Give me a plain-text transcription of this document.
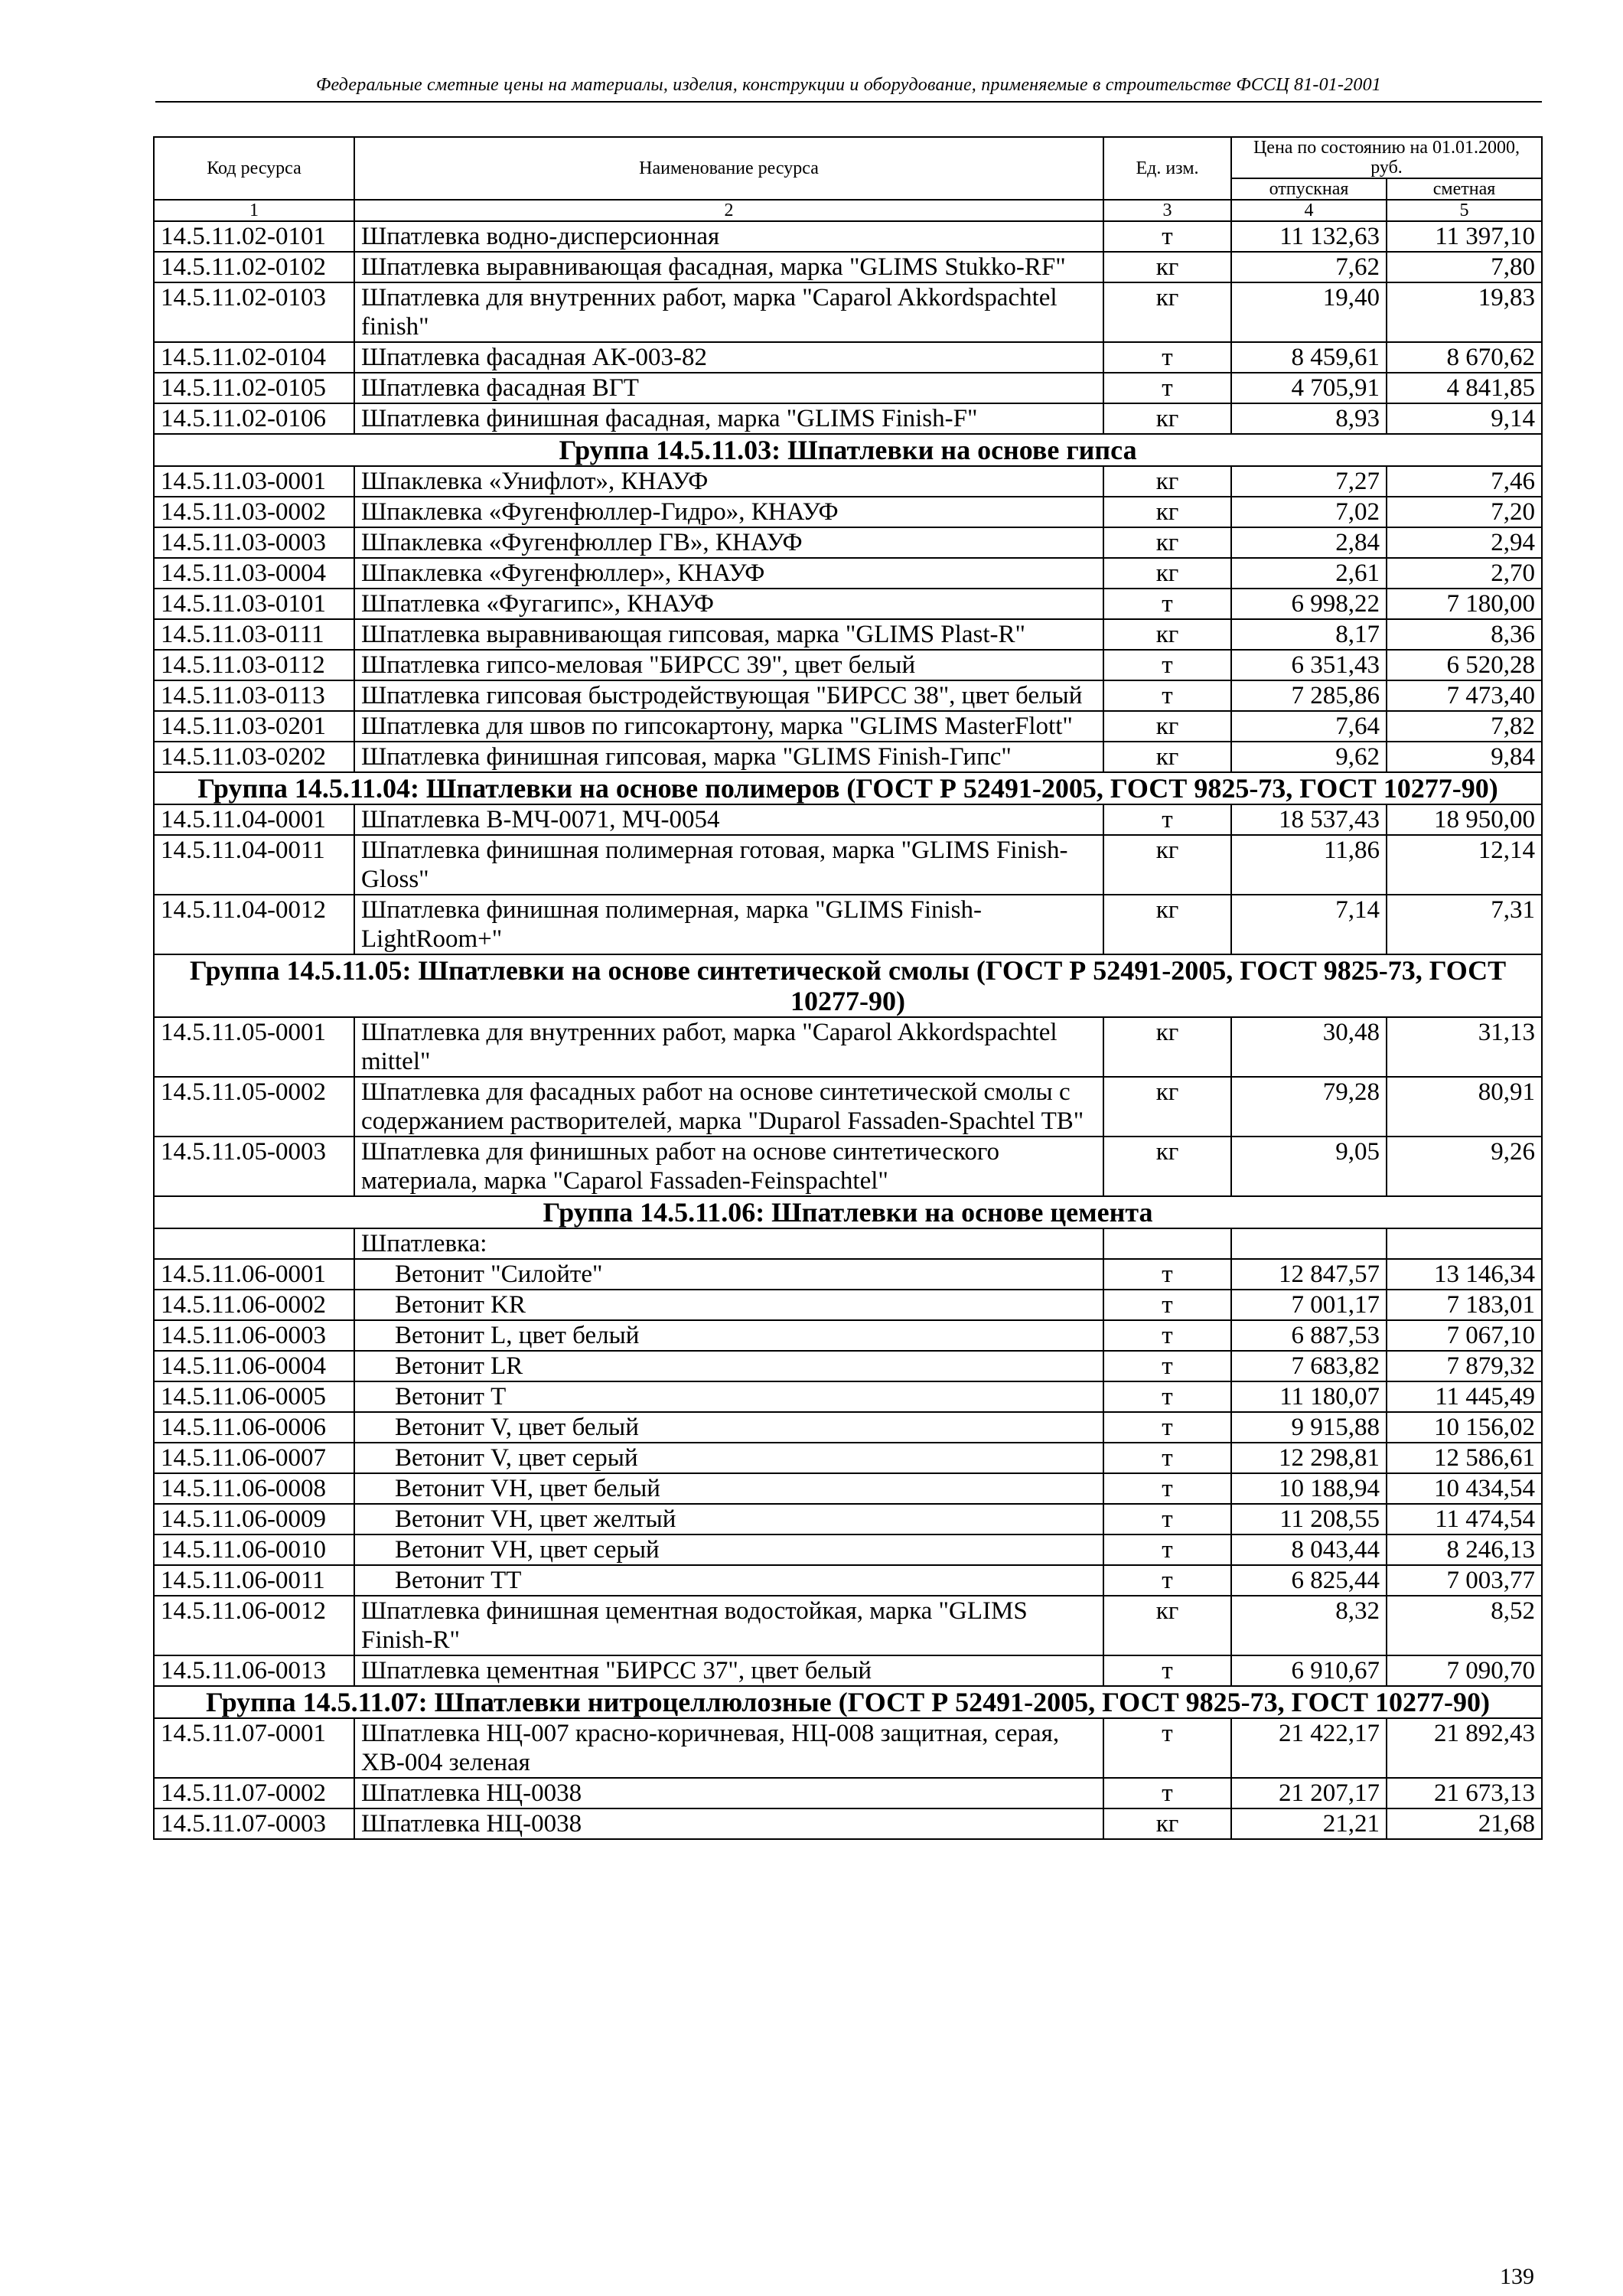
Федеральные сметные цены на материалы, изделия, конструкции и оборудование, применяемые в строительстве ФССЦ 81-01-2001
Код ресурса	Наименование ресурса	Ед. изм.	Цена по состоянию на 01.01.2000, руб.	
			отпускная	сметная
1	2	3	4	5
14.5.11.02-0101	Шпатлевка водно-дисперсионная	т	11 132,63	11 397,10
14.5.11.02-0102	Шпатлевка выравнивающая фасадная, марка "GLIMS Stukko-RF"	кг	7,62	7,80
14.5.11.02-0103	Шпатлевка для внутренних работ, марка "Caparol Akkordspachtel finish"	кг	19,40	19,83
14.5.11.02-0104	Шпатлевка фасадная АК-003-82	т	8 459,61	8 670,62
14.5.11.02-0105	Шпатлевка фасадная ВГТ	т	4 705,91	4 841,85
14.5.11.02-0106	Шпатлевка финишная фасадная, марка "GLIMS Finish-F"	кг	8,93	9,14
Группа 14.5.11.03: Шпатлевки на основе гипса				
14.5.11.03-0001	Шпаклевка «Унифлот», КНАУФ	кг	7,27	7,46
14.5.11.03-0002	Шпаклевка «Фугенфюллер-Гидро», КНАУФ	кг	7,02	7,20
14.5.11.03-0003	Шпаклевка «Фугенфюллер ГВ», КНАУФ	кг	2,84	2,94
14.5.11.03-0004	Шпаклевка «Фугенфюллер», КНАУФ	кг	2,61	2,70
14.5.11.03-0101	Шпатлевка «Фугагипс», КНАУФ	т	6 998,22	7 180,00
14.5.11.03-0111	Шпатлевка выравнивающая гипсовая, марка "GLIMS Plast-R"	кг	8,17	8,36
14.5.11.03-0112	Шпатлевка гипсо-меловая "БИРСС 39", цвет белый	т	6 351,43	6 520,28
14.5.11.03-0113	Шпатлевка гипсовая быстродействующая "БИРСС 38", цвет белый	т	7 285,86	7 473,40
14.5.11.03-0201	Шпатлевка для швов по гипсокартону, марка "GLIMS MasterFlott"	кг	7,64	7,82
14.5.11.03-0202	Шпатлевка финишная гипсовая, марка "GLIMS Finish-Гипс"	кг	9,62	9,84
Группа 14.5.11.04: Шпатлевки на основе полимеров (ГОСТ Р 52491-2005, ГОСТ 9825-73, ГОСТ 10277-90)				
14.5.11.04-0001	Шпатлевка В-МЧ-0071, МЧ-0054	т	18 537,43	18 950,00
14.5.11.04-0011	Шпатлевка финишная полимерная готовая, марка "GLIMS Finish-Gloss"	кг	11,86	12,14
14.5.11.04-0012	Шпатлевка финишная полимерная, марка "GLIMS Finish-LightRoom+"	кг	7,14	7,31
Группа 14.5.11.05: Шпатлевки на основе синтетической смолы (ГОСТ Р 52491-2005, ГОСТ 9825-73, ГОСТ 10277-90)				
14.5.11.05-0001	Шпатлевка для внутренних работ, марка "Caparol Akkordspachtel mittel"	кг	30,48	31,13
14.5.11.05-0002	Шпатлевка для фасадных работ на основе синтетической смолы с содержанием растворителей, марка "Duparol Fassaden-Spachtel TB"	кг	79,28	80,91
14.5.11.05-0003	Шпатлевка для финишных работ на основе синтетического материала, марка "Caparol Fassaden-Feinspachtel"	кг	9,05	9,26
Группа 14.5.11.06: Шпатлевки на основе цемента				
	Шпатлевка:			
14.5.11.06-0001	Ветонит "Силойте"	т	12 847,57	13 146,34
14.5.11.06-0002	Ветонит KR	т	7 001,17	7 183,01
14.5.11.06-0003	Ветонит L, цвет белый	т	6 887,53	7 067,10
14.5.11.06-0004	Ветонит LR	т	7 683,82	7 879,32
14.5.11.06-0005	Ветонит T	т	11 180,07	11 445,49
14.5.11.06-0006	Ветонит V, цвет белый	т	9 915,88	10 156,02
14.5.11.06-0007	Ветонит V, цвет серый	т	12 298,81	12 586,61
14.5.11.06-0008	Ветонит VH, цвет белый	т	10 188,94	10 434,54
14.5.11.06-0009	Ветонит VH, цвет желтый	т	11 208,55	11 474,54
14.5.11.06-0010	Ветонит VH, цвет серый	т	8 043,44	8 246,13
14.5.11.06-0011	Ветонит TT	т	6 825,44	7 003,77
14.5.11.06-0012	Шпатлевка финишная цементная водостойкая, марка "GLIMS Finish-R"	кг	8,32	8,52
14.5.11.06-0013	Шпатлевка цементная "БИРСС 37", цвет белый	т	6 910,67	7 090,70
Группа 14.5.11.07: Шпатлевки нитроцеллюлозные (ГОСТ Р 52491-2005, ГОСТ 9825-73, ГОСТ 10277-90)				
14.5.11.07-0001	Шпатлевка НЦ-007 красно-коричневая, НЦ-008 защитная, серая, ХВ-004 зеленая	т	21 422,17	21 892,43
14.5.11.07-0002	Шпатлевка НЦ-0038	т	21 207,17	21 673,13
14.5.11.07-0003	Шпатлевка НЦ-0038	кг	21,21	21,68
139
